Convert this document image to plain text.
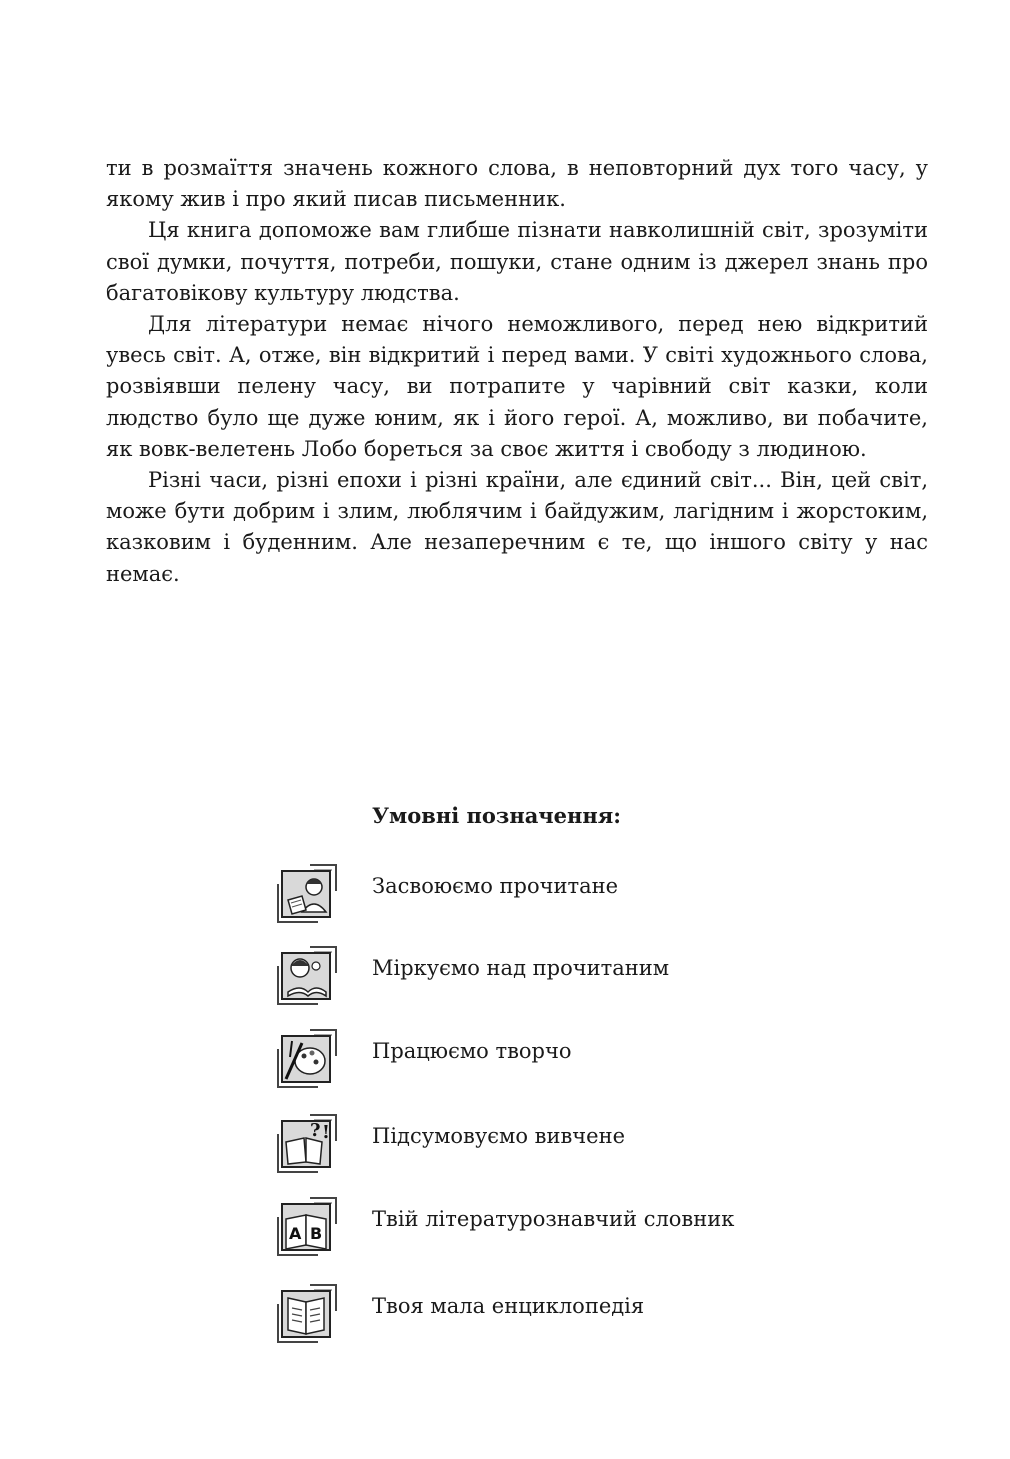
ти в розмаїття значень кожного слова, в неповторний дух того часу, у якому жив і про який писав письменник.

Ця книга допоможе вам глибше пізнати навколишній світ, зрозуміти свої думки, почуття, потреби, пошуки, стане одним із джерел знань про багатовікову культуру людства.

Для літератури немає нічого неможливого, перед нею відкритий увесь світ. А, отже, він відкритий і перед вами. У світі художнього слова, розвіявши пелену часу, ви потрапите у чарівний світ казки, коли людство було ще дуже юним, як і його герої. А, можливо, ви побачите, як вовк-велетень Лобо бореться за своє життя і свободу з людиною.

Різні часи, різні епохи і різні країни, але єдиний світ... Він, цей світ, може бути добрим і злим, люблячим і байдужим, лагідним і жорстоким, казковим і буденним. Але незаперечним є те, що іншого світу у нас немає.

Умовні позначення:
Засвоюємо прочитане
Міркуємо над прочитаним
Працюємо творчо
? ! Підсумовуємо вивчене
A B
Твій літературознавчий словник
Твоя мала енциклопедія
